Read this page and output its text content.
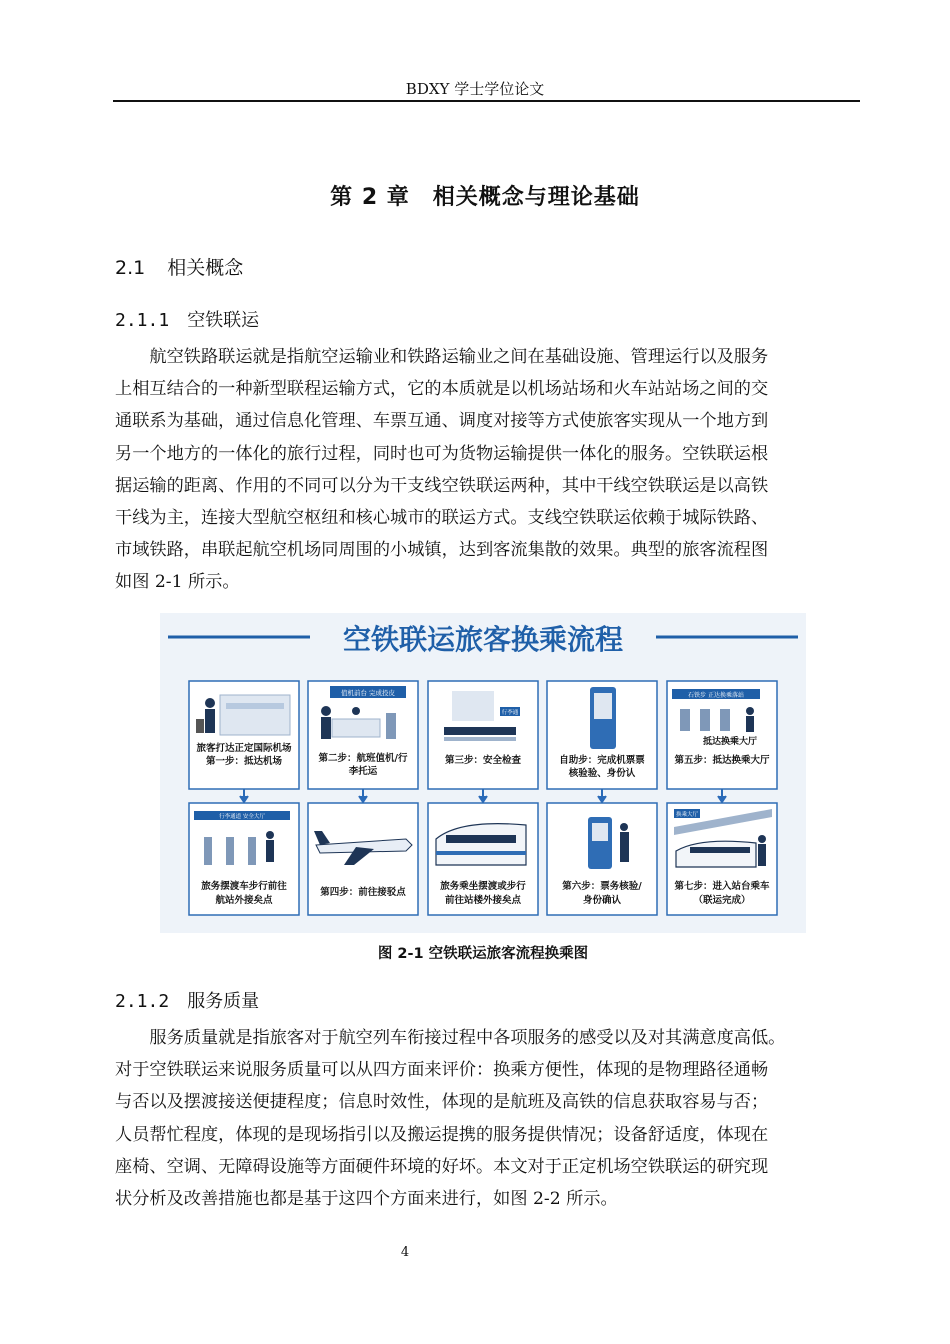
BDXY 学士学位论文
第 2 章　相关概念与理论基础
2.1 相关概念
2.1.1 空铁联运
　　航空铁路联运就是指航空运输业和铁路运输业之间在基础设施、管理运行以及服务
上相互结合的一种新型联程运输方式，它的本质就是以机场站场和火车站站场之间的交
通联系为基础，通过信息化管理、车票互通、调度对接等方式使旅客实现从一个地方到
另一个地方的一体化的旅行过程，同时也可为货物运输提供一体化的服务。空铁联运根
据运输的距离、作用的不同可以分为干支线空铁联运两种，其中干线空铁联运是以高铁
干线为主，连接大型航空枢纽和核心城市的联运方式。支线空铁联运依赖于城际铁路、
市域铁路，串联起航空机场同周围的小城镇，达到客流集散的效果。典型的旅客流程图
如图 2-1 所示。
空铁联运旅客换乘流程
旅客打达正定国际机场
第一步：抵达机场
值机前台 完成投皮
第二步：航班值机/行
李托运
行李通
第三步：安全检查	自助步：完成机票票
核验验、身份认
石铁步 正达换乘落站
抵达换乘大厅
第五步：抵达换乘大厅
行李通道 安全大厅
旅务摆渡车步行前往
航站外接矣点
第四步：前往接驳点
旅务乘坐摆渡或步行
前往站楼外接矣点
第六步：票务核验/
身份确认
换乘大厅
第七步：进入站台乘车
（联运完成）
图 2-1 空铁联运旅客流程换乘图
2.1.2 服务质量
　　服务质量就是指旅客对于航空列车衔接过程中各项服务的感受以及对其满意度高低。
对于空铁联运来说服务质量可以从四方面来评价：换乘方便性，体现的是物理路径通畅
与否以及摆渡接送便捷程度；信息时效性，体现的是航班及高铁的信息获取容易与否；
人员帮忙程度，体现的是现场指引以及搬运提携的服务提供情况；设备舒适度，体现在
座椅、空调、无障碍设施等方面硬件环境的好坏。本文对于正定机场空铁联运的研究现
状分析及改善措施也都是基于这四个方面来进行，如图 2-2 所示。
4
